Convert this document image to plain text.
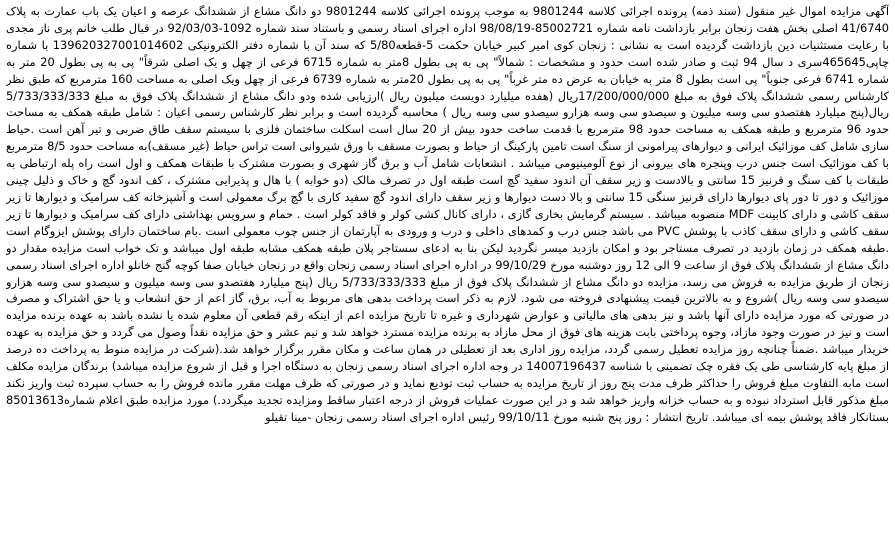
آگهی مزایده اموال غیر منقول (سند ذمه) پرونده اجرائی کلاسه 9801244 به موجب پرونده اجرائی کلاسه 9801244 دو دانگ مشاع از ششدانگ عرصه و اعیان یک باب عمارت به پلاک 41/6740 اصلی بخش هفت زنجان برابر بازداشت نامه شماره 85002721-98/08/19 اداره اجرای اسناد رسمی و باستناد سند شماره 1092-92/03/03 در قبال طلب خانم پری ناز مجدی با رعایت مستثنیات دین بازداشت گردیده است به نشانی : زنجان کوی امیر کبیر خیابان حکمت 5-قطعه5/80 که سند آن با شماره دفتر الکترونیکی 139620327001014602 با شماره چاپی465645سری د سال 94 ثبت و صادر شده است حدود و مشخصات : شمالاً" پی به پی بطول 8متر به شماره 6715 فرعی از چهل و یک اصلی شرقاً" پی به پی بطول 20 متر به شماره 6741 فرعی جنوباً" پی است بطول 8 متر به خیابان به عرض ده متر غرباً" پی به پی بطول 20متر به شماره 6739 فرعی از چهل ویک اصلی به مساحت 160 مترمربع که طبق نظر کارشناس رسمی ششدانگ پلاک فوق به مبلغ 17/200/000/000ریال (هفده میلیارد دویست میلیون ریال )ارزیابی شده ودو دانگ مشاع از ششدانگ پلاک فوق به مبلغ 5/733/333/333 ریال(پنج میلیارد هفتصدو سی وسه میلیون و سیصدو سی وسه هزارو سیصدو سی وسه ریال ) محاسبه گردیده است و برابر نظر کارشناس رسمی اعیان : شامل طبقه همکف به مساحت حدود 96 مترمربع و طبقه همکف به مساحت حدود 98 مترمربع با قدمت ساخت حدود بیش از 20 سال است اسکلت ساختمان فلزی با سیستم سقف طاق ضربی و تیر آهن است .حیاط سازی شامل کف موزائیک ایرانی و دیوارهای پیرامونی از سنگ است تامین پارکینگ از حیاط و بصورت مسقف با ورق شیروانی است تراس حیاط (غیر مسقف)به مساحت حدود 8/5 مترمربع با کف موزائیک است جنس درب وپنجره های بیرونی از نوع آلومینیومی میباشد . انشعابات شامل آب و برق گاز شهری و بصورت مشترک با طبقات همکف و اول است راه پله ارتباطی به طبقات با کف سنگ و قرنیز 15 سانتی و بالادست و زیر سقف آن اندود سفید گچ است طبقه اول در تصرف مالک (دو خوابه ) با هال و پذیرایی مشترک ، کف اندود گچ و خاک و ذلیل چینی موزائیک و دور تا دور پای دیوارها دارای قرنیز سنگی 15 سانتی و بالا دست دیوارها و زیر سقف دارای اندود گچ سفید کاری با گچ برگ معمولی است و آشپزخانه کف سرامیک و دیوارها تا زیر سقف کاشی و دارای کابینت MDF منصوبه میباشد . سیستم گرمایش بخاری گازی ، دارای کانال کشی کولر و فاقد کولر است . حمام و سرویس بهداشتی دارای کف سرامیک و دیوارها تا زیر سقف کاشی و دارای سقف کاذب با پوشش PVC می باشد جنس درب و کمدهای داخلی و درب و ورودی به آپارتمان از جنس چوب معمولی است .بام ساختمان دارای پوشش ایزوگام است .طبقه همکف در زمان بازدید در تصرف مستاجر بود و امکان بازدید میسر نگردید لیکن بنا به ادعای سستاجر پلان طبقه همکف مشابه طبقه اول میباشد و تک خواب است مزایده مقدار دو دانگ مشاع از ششدانگ پلاک فوق از ساعت 9 الی 12 روز دوشنبه مورخ 99/10/29 در اداره اجرای اسناد رسمی زنجان واقع در زنجان خیابان صفا کوچه گنج خانلو اداره اجرای اسناد رسمی زنجان از طریق مزایده به فروش می رسد، مزایده دو دانگ مشاع از ششدانگ پلاک فوق از مبلغ 5/733/333/333 ریال (پنج میلیارد هفتصدو سی وسه میلیون و سیصدو سی وسه هزارو سیصدو سی وسه ریال )شروع و به بالاترین قیمت پیشنهادی فروخته می شود. لازم به ذکر است پرداخت بدهی های مربوط به آب، برق، گاز اعم از حق انشعاب و یا حق اشتراک و مصرف در صورتی که مورد مزایده دارای آنها باشد و نیز بدهی های مالیاتی و عوارض شهرداری و غیره تا تاریخ مزایده اعم از اینکه رقم قطعی آن معلوم شده یا نشده باشد به عهده برنده مزایده است و نیز در صورت وجود مازاد، وجوه پرداختی بابت هزینه های فوق از محل مازاد به برنده مزایده مسترد خواهد شد و نیم عشر و حق مزایده نقداً وصول می گردد و حق مزایده به عهده خریدار میباشد .ضمناً چنانچه روز مزایده تعطیل رسمی گردد، مزایده روز اداری بعد از تعطیلی در همان ساعت و مکان مقرر برگزار خواهد شد.(شرکت در مزایده منوط به پرداخت ده درصد از مبلغ پایه کارشناسی طی یک فقره چک تضمینی با شناسه 14007196437 در وجه اداره اجرای اسناد رسمی زنجان به دستگاه اجرا و قبل از شروع مزایده میباشد) برندگان مزایده مکلف است مابه التفاوت مبلغ فروش را حداکثر ظرف مدت پنج روز از تاریخ مزایده به حساب ثبت تودیع نماید و در صورتی که ظرف مهلت مقرر مانده فروش را به حساب سپرده ثبت واریز نکند مبلغ مذکور قابل استرداد نبوده و به حساب خزانه واریز خواهد شد و در این صورت عملیات فروش از درجه اعتبار ساقط ومزایده تجدید میگردد.) مورد مزایده طبق اعلام شماره85013613 بستانکار فاقد پوشش بیمه ای میباشد. تاریخ انتشار : روز پنج شنبه مورخ 99/10/11 رئیس اداره اجرای اسناد رسمی زنجان -مینا تقیلو
